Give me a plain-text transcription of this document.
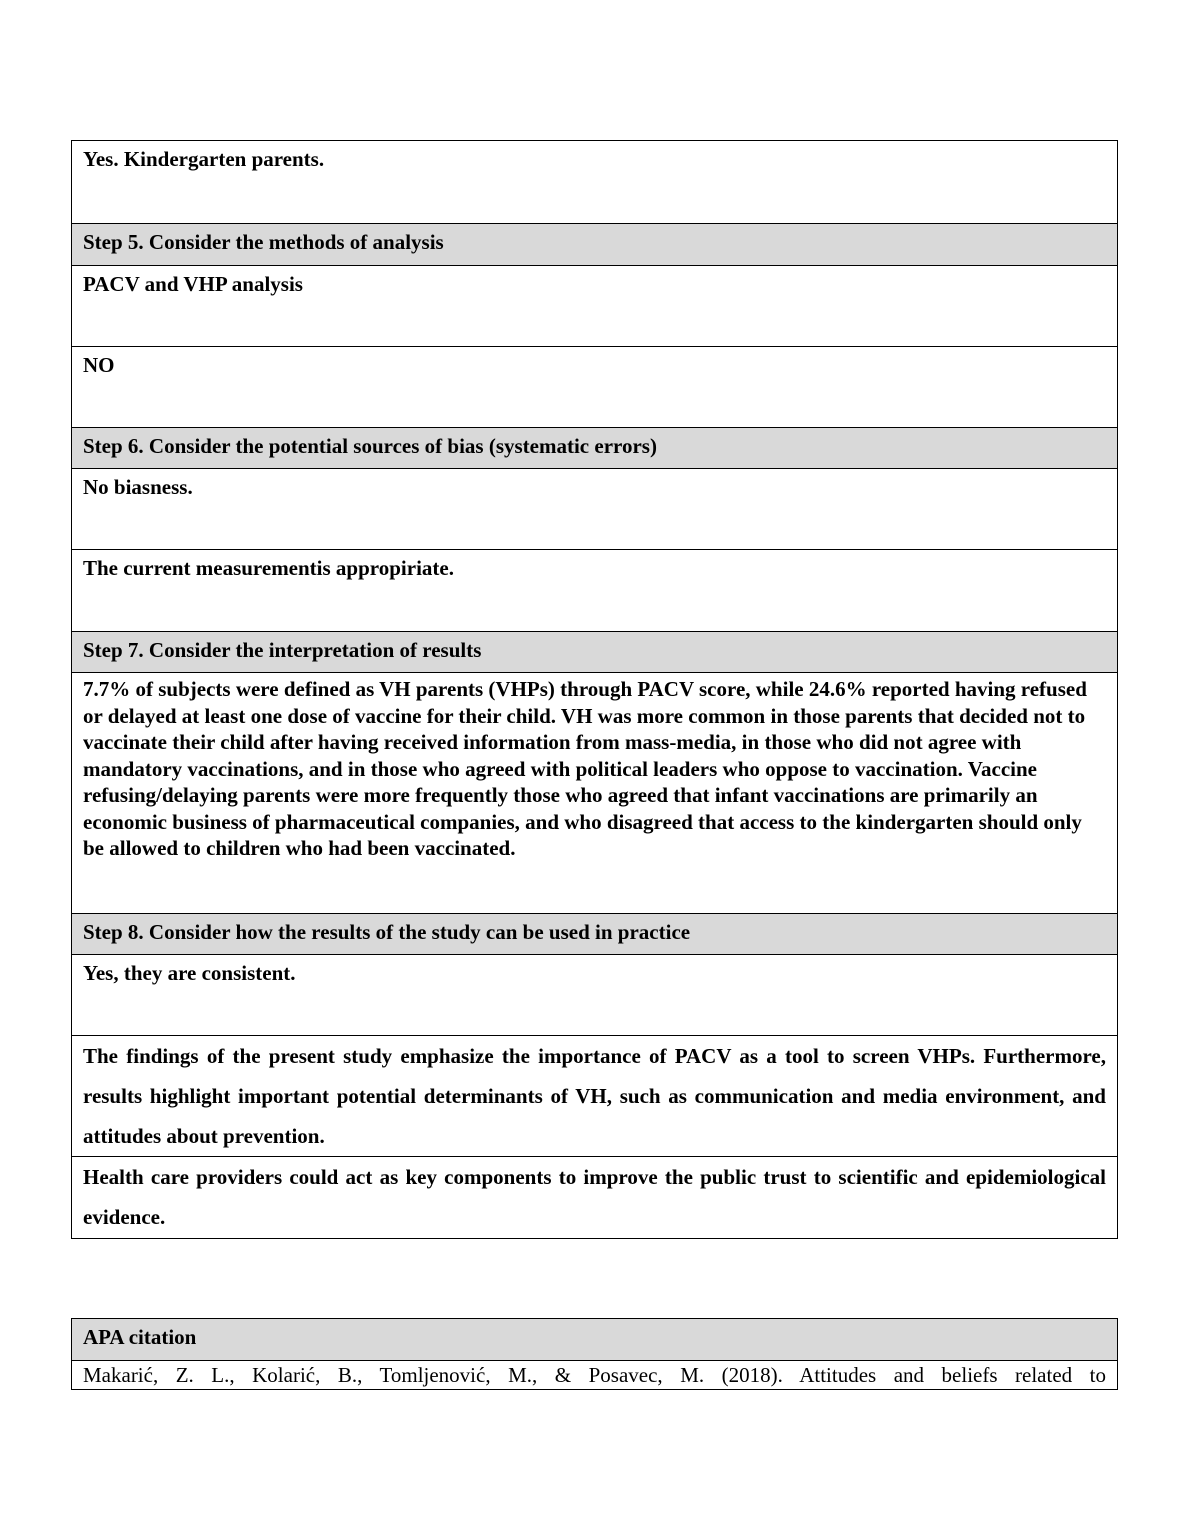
Yes. Kindergarten parents.
Step 5. Consider the methods of analysis
PACV and VHP analysis
NO
Step 6. Consider the potential sources of bias (systematic errors)
No biasness.
The current measurementis appropiriate.
Step 7. Consider the interpretation of results
7.7% of subjects were defined as VH parents (VHPs) through PACV score, while 24.6% reported having refused or delayed at least one dose of vaccine for their child. VH was more common in those parents that decided not to vaccinate their child after having received information from mass-media, in those who did not agree with mandatory vaccinations, and in those who agreed with political leaders who oppose to vaccination. Vaccine refusing/delaying parents were more frequently those who agreed that infant vaccinations are primarily an economic business of pharmaceutical companies, and who disagreed that access to the kindergarten should only be allowed to children who had been vaccinated.
Step 8. Consider how the results of the study can be used in practice
Yes, they are consistent.
The findings of the present study emphasize the importance of PACV as a tool to screen VHPs. Furthermore, results highlight important potential determinants of VH, such as communication and media environment, and attitudes about prevention.
Health care providers could act as key components to improve the public trust to scientific and epidemiological evidence.
APA citation
Makarić, Z. L., Kolarić, B., Tomljenović, M., & Posavec, M. (2018). Attitudes and beliefs related to
